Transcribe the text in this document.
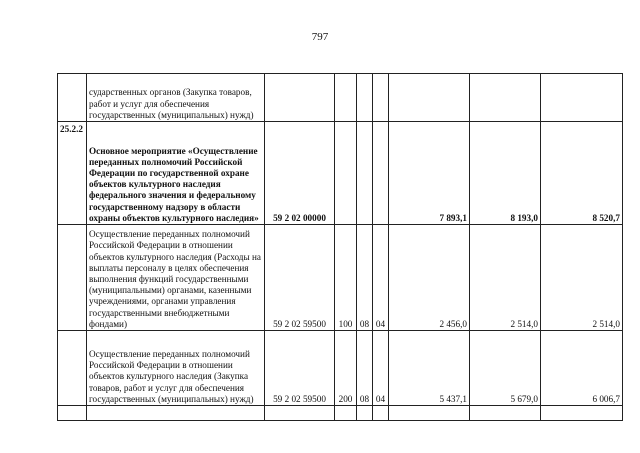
797
	сударственных органов (Закупка товаров, работ и услуг для обеспечения государственных (муниципальных) нужд)							
25.2.2	Основное мероприятие «Осуществление переданных полномочий Российской Федерации по государственной охране объектов культурного наследия федерального значения и федеральному государственному надзору в области охраны объектов культурного наследия»	59 2 02 00000				7 893,1	8 193,0	8 520,7
	Осуществление переданных полномочий Российской Федерации в отношении объектов культурного наследия (Расходы на выплаты персоналу в целях обеспечения выполнения функций государственными (муниципальными) органами, казенными учреждениями, органами управления государственными внебюджетными фондами)	59 2 02 59500	100	08	04	2 456,0	2 514,0	2 514,0
	Осуществление переданных полномочий Российской Федерации в отношении объектов культурного наследия (Закупка товаров, работ и услуг для обеспечения государственных (муниципальных) нужд)	59 2 02 59500	200	08	04	5 437,1	5 679,0	6 006,7
